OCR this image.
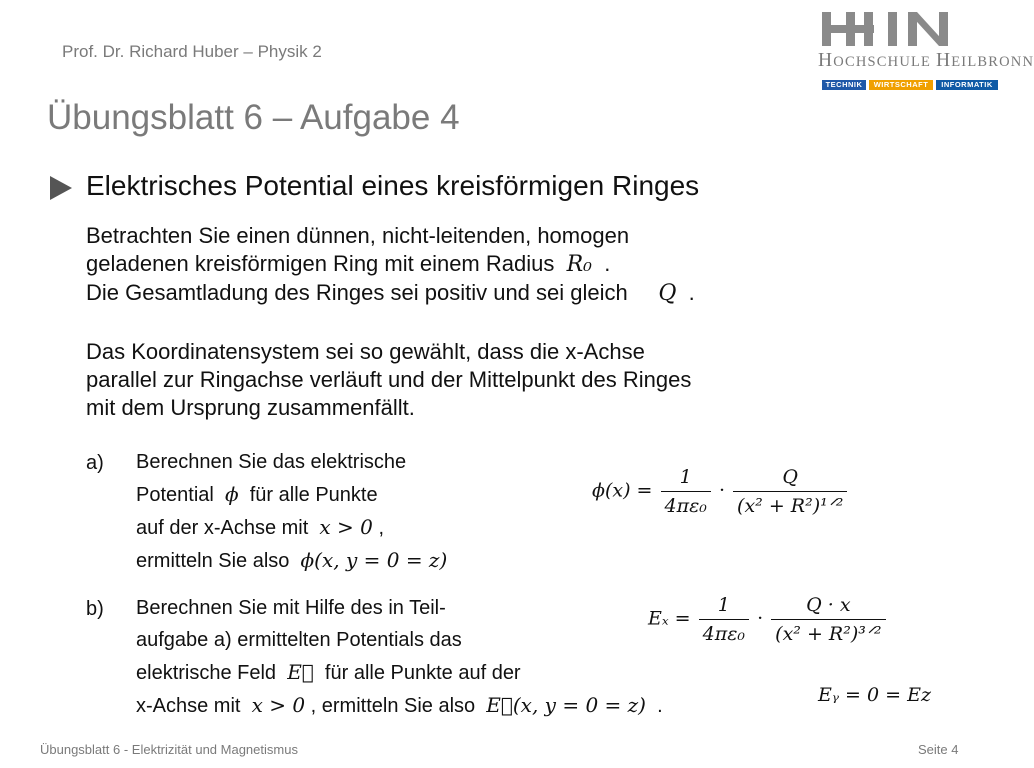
Prof. Dr. Richard Huber – Physik 2	HOCHSCHULE HEILBRONN
TECHNIK	WIRTSCHAFT	INFORMATIK
Übungsblatt 6 – Aufgabe 4
Elektrisches Potential eines kreisförmigen Ringes
Betrachten Sie einen dünnen, nicht-leitenden, homogen
geladenen kreisförmigen Ring mit einem Radius 𝑅₀ .
Die Gesamtladung des Ringes sei positiv und sei gleich 𝑄 .
Das Koordinatensystem sei so gewählt, dass die x-Achse
parallel zur Ringachse verläuft und der Mittelpunkt des Ringes
mit dem Ursprung zusammenfällt.
a) Berechnen Sie das elektrische
Potential 𝜙 für alle Punkte
auf der x-Achse mit 𝑥 > 0 ,
ermitteln Sie also 𝜙(𝑥, 𝑦 = 0 = 𝑧)
𝜙(𝑥) = $\frac{1}{\text{4𝜋𝜀₀}} \cdot \frac{\text{𝑄}}{\text{(𝑥² + 𝑅²)¹ᐟ²}}$
b) Berechnen Sie mit Hilfe des in Teil-
aufgabe a) ermittelten Potentials das
elektrische Feld 𝐸⃗ für alle Punkte auf der
x-Achse mit 𝑥 > 0 , ermitteln Sie also 𝐸⃗(𝑥, 𝑦 = 0 = 𝑧) .
𝐸ₓ = $\frac{1}{\text{4𝜋𝜀₀}} \cdot \frac{\text{𝑄 · 𝑥}}{\text{(𝑥² + 𝑅²)³ᐟ²}}$
𝐸ᵧ = 0 = 𝐸𝑧
Übungsblatt 6 - Elektrizität und Magnetismus	Seite 4
